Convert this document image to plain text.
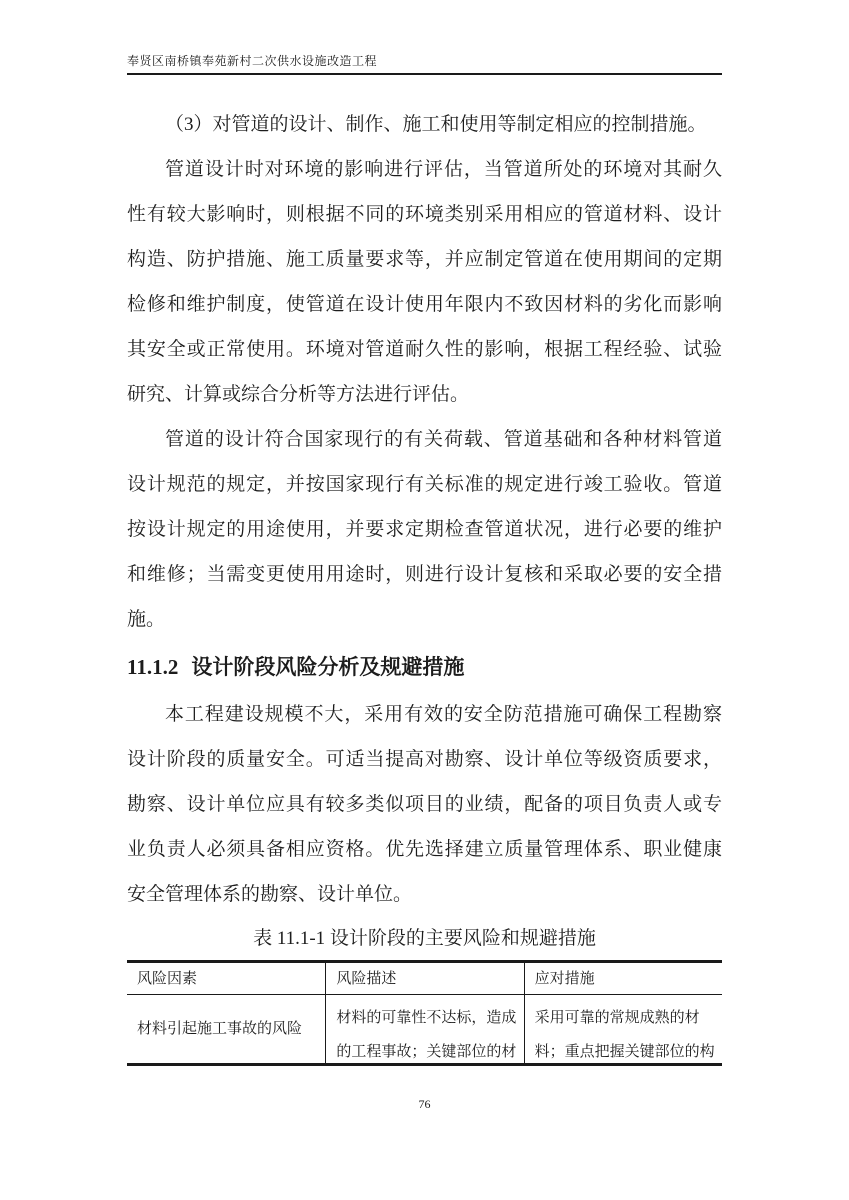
奉贤区南桥镇奉苑新村二次供水设施改造工程
（3）对管道的设计、制作、施工和使用等制定相应的控制措施。
管道设计时对环境的影响进行评估，当管道所处的环境对其耐久
性有较大影响时，则根据不同的环境类别采用相应的管道材料、设计
构造、防护措施、施工质量要求等，并应制定管道在使用期间的定期
检修和维护制度，使管道在设计使用年限内不致因材料的劣化而影响
其安全或正常使用。环境对管道耐久性的影响，根据工程经验、试验
研究、计算或综合分析等方法进行评估。
管道的设计符合国家现行的有关荷载、管道基础和各种材料管道
设计规范的规定，并按国家现行有关标准的规定进行竣工验收。管道
按设计规定的用途使用，并要求定期检查管道状况，进行必要的维护
和维修；当需变更使用用途时，则进行设计复核和采取必要的安全措
施。
11.1.2 设计阶段风险分析及规避措施
本工程建设规模不大，采用有效的安全防范措施可确保工程勘察
设计阶段的质量安全。可适当提高对勘察、设计单位等级资质要求，
勘察、设计单位应具有较多类似项目的业绩，配备的项目负责人或专
业负责人必须具备相应资格。优先选择建立质量管理体系、职业健康
安全管理体系的勘察、设计单位。
表 11.1-1 设计阶段的主要风险和规避措施
风险因素	风险描述	应对措施
材料引起施工事故的风险
材料的可靠性不达标，造成
的工程事故；关键部位的材
采用可靠的常规成熟的材
料；重点把握关键部位的构
76
